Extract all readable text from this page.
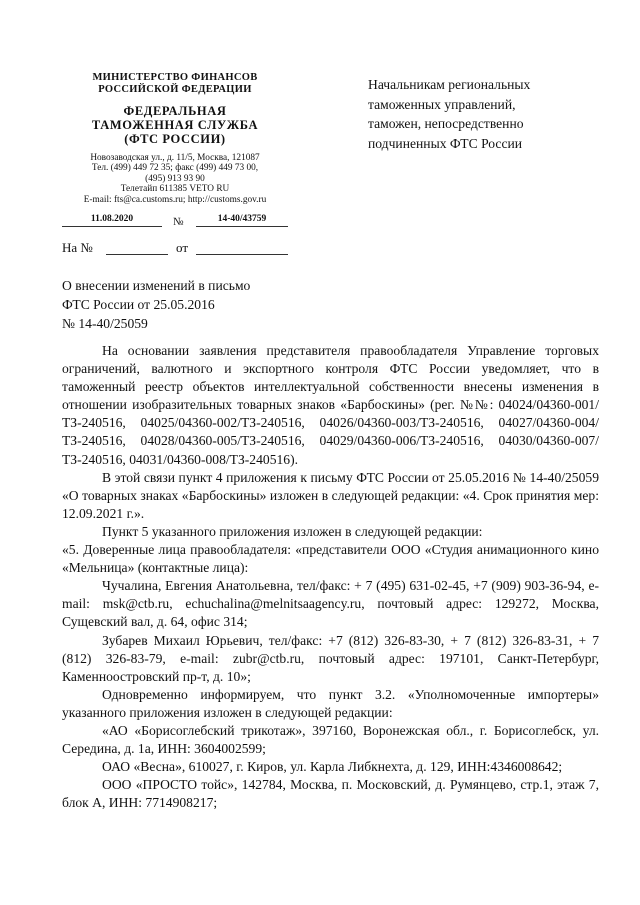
МИНИСТЕРСТВО ФИНАНСОВ
РОССИЙСКОЙ ФЕДЕРАЦИИ
ФЕДЕРАЛЬНАЯ
ТАМОЖЕННАЯ СЛУЖБА
(ФТС РОССИИ)
Новозаводская ул., д. 11/5, Москва, 121087
Тел. (499) 449 72 35; факс (499) 449 73 00,
(495) 913 93 90
Телетайп 611385 VETO RU
E-mail: fts@ca.customs.ru; http://customs.gov.ru
11.08.2020	№	14-40/43759
На №	от
Начальникам региональных
таможенных управлений,
таможен, непосредственно
подчиненных ФТС России
О внесении изменений в письмо
ФТС России от 25.05.2016
№ 14-40/25059

На основании заявления представителя правообладателя Управление торговых ограничений, валютного и экспортного контроля ФТС России уведомляет, что в таможенный реестр объектов интеллектуальной собственности внесены изменения в отношении изобразительных товарных знаков «Барбоскины» (рег. №№: 04024/04360-001/ТЗ-240516, 04025/04360-002/ТЗ-240516, 04026/04360-003/ТЗ-240516, 04027/04360-004/ТЗ-240516, 04028/04360-005/ТЗ-240516, 04029/04360-006/ТЗ-240516, 04030/04360-007/ТЗ-240516, 04031/04360-008/ТЗ-240516).

В этой связи пункт 4 приложения к письму ФТС России от 25.05.2016 № 14-40/25059 «О товарных знаках «Барбоскины» изложен в следующей редакции: «4. Срок принятия мер: 12.09.2021 г.».

Пункт 5 указанного приложения изложен в следующей редакции:

«5. Доверенные лица правообладателя: «представители ООО «Студия анимационного кино «Мельница» (контактные лица):

Чучалина, Евгения Анатольевна, тел/факс: + 7 (495) 631-02-45, +7 (909) 903-36-94, e-mail: msk@ctb.ru, echuchalina@melnitsaagency.ru, почтовый адрес: 129272, Москва, Сущевский вал, д. 64, офис 314;

Зубарев Михаил Юрьевич, тел/факс: +7 (812) 326-83-30, + 7 (812) 326-83-31, + 7 (812) 326-83-79, e-mail: zubr@ctb.ru, почтовый адрес: 197101, Санкт-Петербург, Каменноостровский пр-т, д. 10»;

Одновременно информируем, что пункт 3.2. «Уполномоченные импортеры» указанного приложения изложен в следующей редакции:

«АО «Борисоглебский трикотаж», 397160, Воронежская обл., г. Борисоглебск, ул. Середина, д. 1а, ИНН: 3604002599;

ОАО «Весна», 610027, г. Киров, ул. Карла Либкнехта, д. 129, ИНН:4346008642;

ООО «ПРОСТО тойс», 142784, Москва, п. Московский, д. Румянцево, стр.1, этаж 7, блок А, ИНН: 7714908217;
